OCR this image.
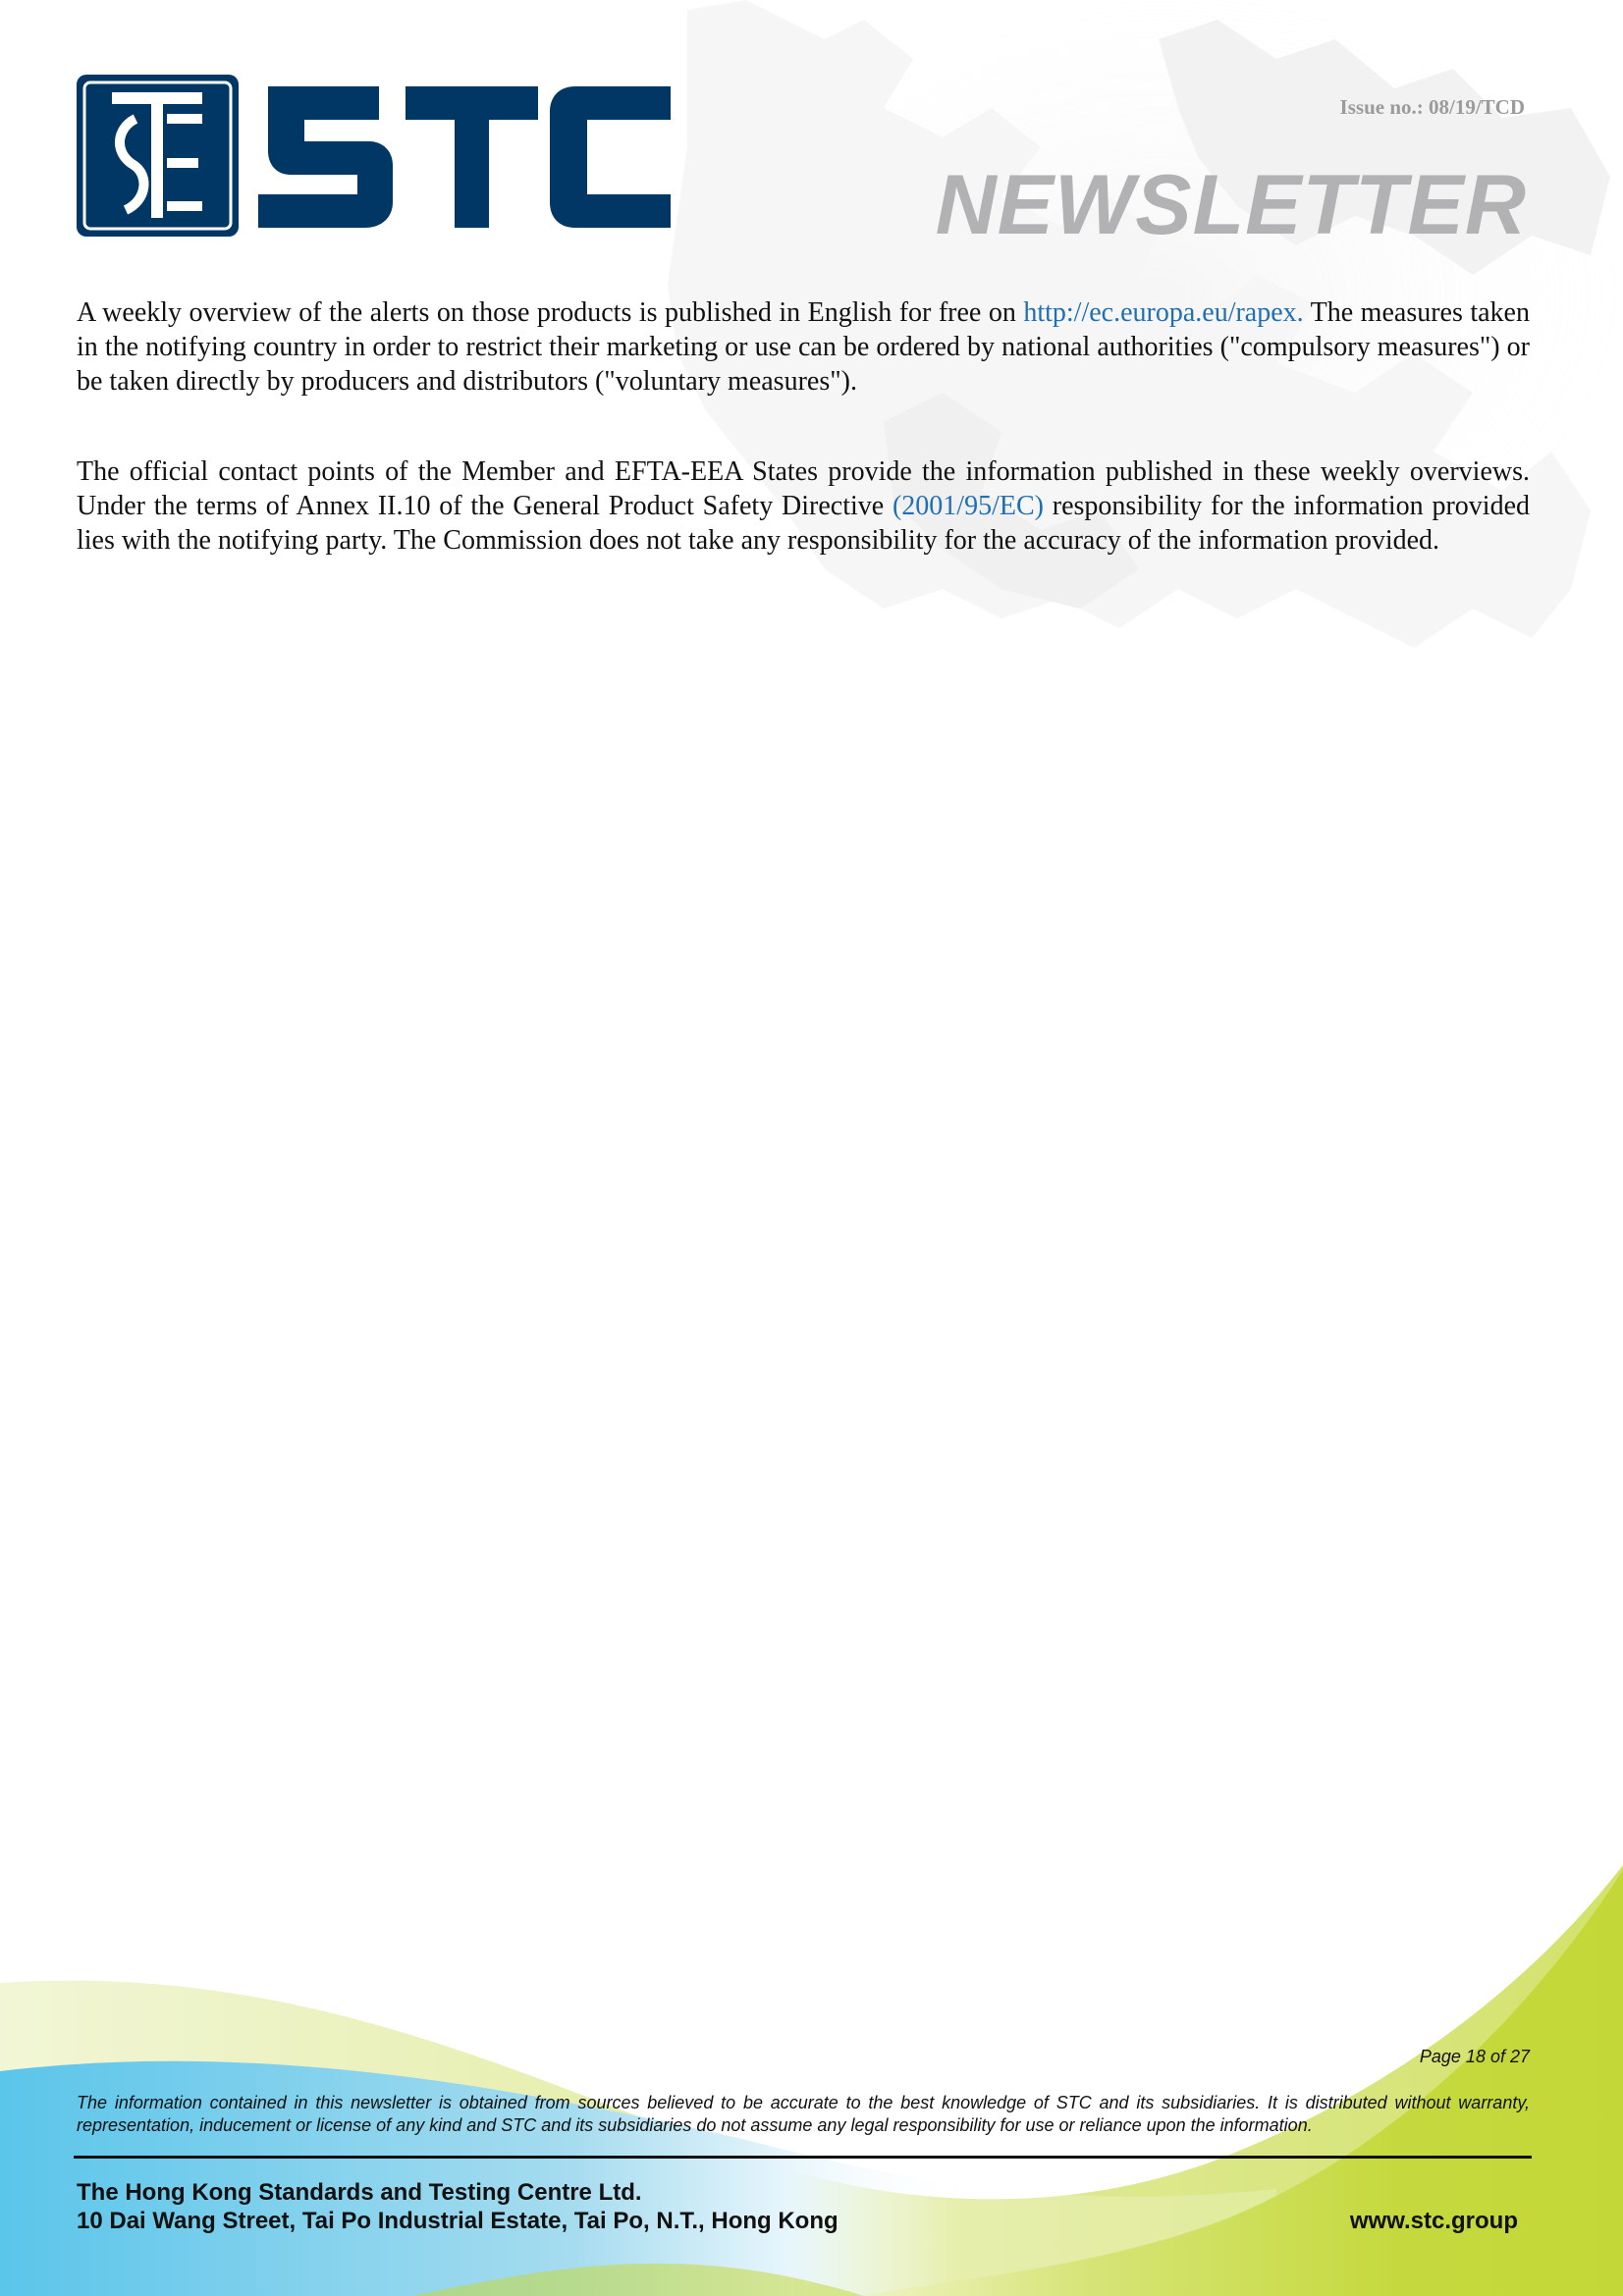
Issue no.: 08/19/TCD
NEWSLETTER

A weekly overview of the alerts on those products is published in English for free on http://ec.europa.eu/rapex. The measures taken in the notifying country in order to restrict their marketing or use can be ordered by national authorities ("compulsory measures") or be taken directly by producers and distributors ("voluntary measures").

The official contact points of the Member and EFTA-EEA States provide the information published in these weekly overviews. Under the terms of Annex II.10 of the General Product Safety Directive (2001/95/EC) responsibility for the information provided lies with the notifying party. The Commission does not take any responsibility for the accuracy of the information provided.

Page 18 of 27

The information contained in this newsletter is obtained from sources believed to be accurate to the best knowledge of STC and its subsidiaries. It is distributed without warranty, representation, inducement or license of any kind and STC and its subsidiaries do not assume any legal responsibility for use or reliance upon the information.

The Hong Kong Standards and Testing Centre Ltd.
10 Dai Wang Street, Tai Po Industrial Estate, Tai Po, N.T., Hong Kong	www.stc.group
